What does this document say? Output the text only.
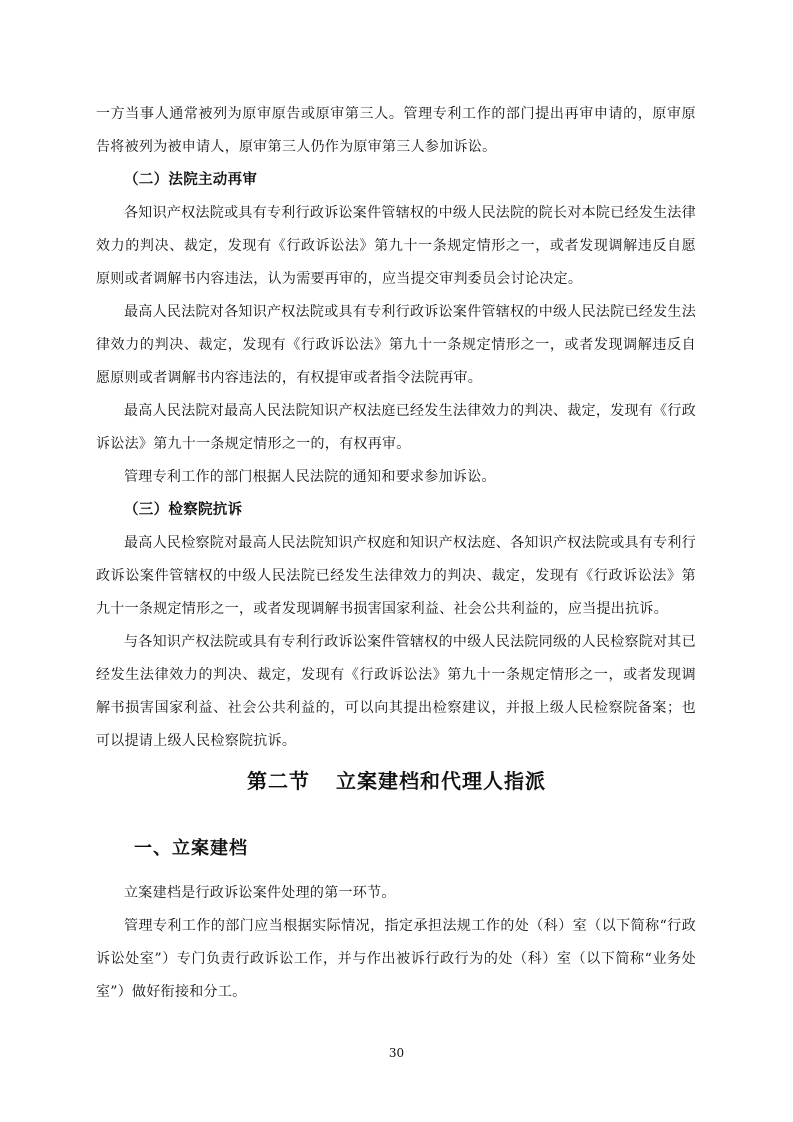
一方当事人通常被列为原审原告或原审第三人。管理专利工作的部门提出再审申请的，原审原告将被列为被申请人，原审第三人仍作为原审第三人参加诉讼。

（二）法院主动再审

各知识产权法院或具有专利行政诉讼案件管辖权的中级人民法院的院长对本院已经发生法律效力的判决、裁定，发现有《行政诉讼法》第九十一条规定情形之一，或者发现调解违反自愿原则或者调解书内容违法，认为需要再审的，应当提交审判委员会讨论决定。

最高人民法院对各知识产权法院或具有专利行政诉讼案件管辖权的中级人民法院已经发生法律效力的判决、裁定，发现有《行政诉讼法》第九十一条规定情形之一，或者发现调解违反自愿原则或者调解书内容违法的，有权提审或者指令法院再审。

最高人民法院对最高人民法院知识产权法庭已经发生法律效力的判决、裁定，发现有《行政诉讼法》第九十一条规定情形之一的，有权再审。

管理专利工作的部门根据人民法院的通知和要求参加诉讼。

（三）检察院抗诉

最高人民检察院对最高人民法院知识产权庭和知识产权法庭、各知识产权法院或具有专利行政诉讼案件管辖权的中级人民法院已经发生法律效力的判决、裁定，发现有《行政诉讼法》第九十一条规定情形之一，或者发现调解书损害国家利益、社会公共利益的，应当提出抗诉。

与各知识产权法院或具有专利行政诉讼案件管辖权的中级人民法院同级的人民检察院对其已经发生法律效力的判决、裁定，发现有《行政诉讼法》第九十一条规定情形之一，或者发现调解书损害国家利益、社会公共利益的，可以向其提出检察建议，并报上级人民检察院备案；也可以提请上级人民检察院抗诉。

第二节 立案建档和代理人指派
一、立案建档

立案建档是行政诉讼案件处理的第一环节。

管理专利工作的部门应当根据实际情况，指定承担法规工作的处（科）室（以下简称“行政诉讼处室”）专门负责行政诉讼工作，并与作出被诉行政行为的处（科）室（以下简称“业务处室”）做好衔接和分工。

30
